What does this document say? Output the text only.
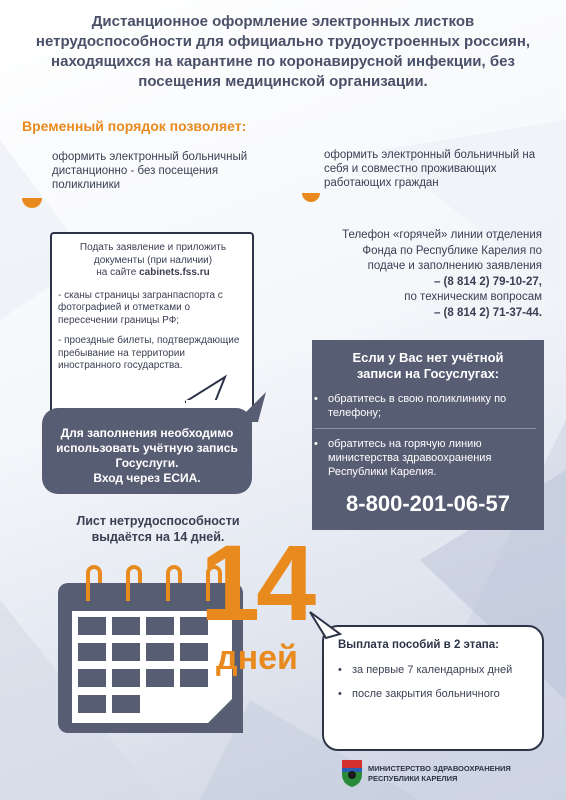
Дистанционное оформление электронных листков нетрудоспособности для официально трудоустроенных россиян, находящихся на карантине по коронавирусной инфекции, без посещения медицинской организации.
Временный порядок позволяет:
оформить электронный больничный дистанционно - без посещения поликлиники
оформить электронный больничный на себя и совместно проживающих работающих граждан
Подать заявление и приложить
документы (при наличии)
на сайте cabinets.fss.ru
- сканы страницы загранпаспорта с фотографией и отметками о пересечении границы РФ;
- проездные билеты, подтверждающие пребывание на территории иностранного государства.
Телефон «горячей» линии отделения
Фонда по Республике Карелия по
подаче и заполнению заявления
– (8 814 2) 79-10-27,
по техническим вопросам
– (8 814 2) 71-37-44.
Для заполнения необходимо
использовать учётную запись
Госуслуги.
Вход через ЕСИА.
Если у Вас нет учётной
записи на Госуслугах:
• обратитесь в свою поликлинику по телефону;
• обратитесь на горячую линию министерства здравоохранения Республики Карелия.
8-800-201-06-57
Лист нетрудоспособности
выдаётся на 14 дней.
14
дней	Выплата пособий в 2 этапа:
• за первые 7 календарных дней
• после закрытия больничного
МИНИСТЕРСТВО ЗДРАВООХРАНЕНИЯ
РЕСПУБЛИКИ КАРЕЛИЯ
